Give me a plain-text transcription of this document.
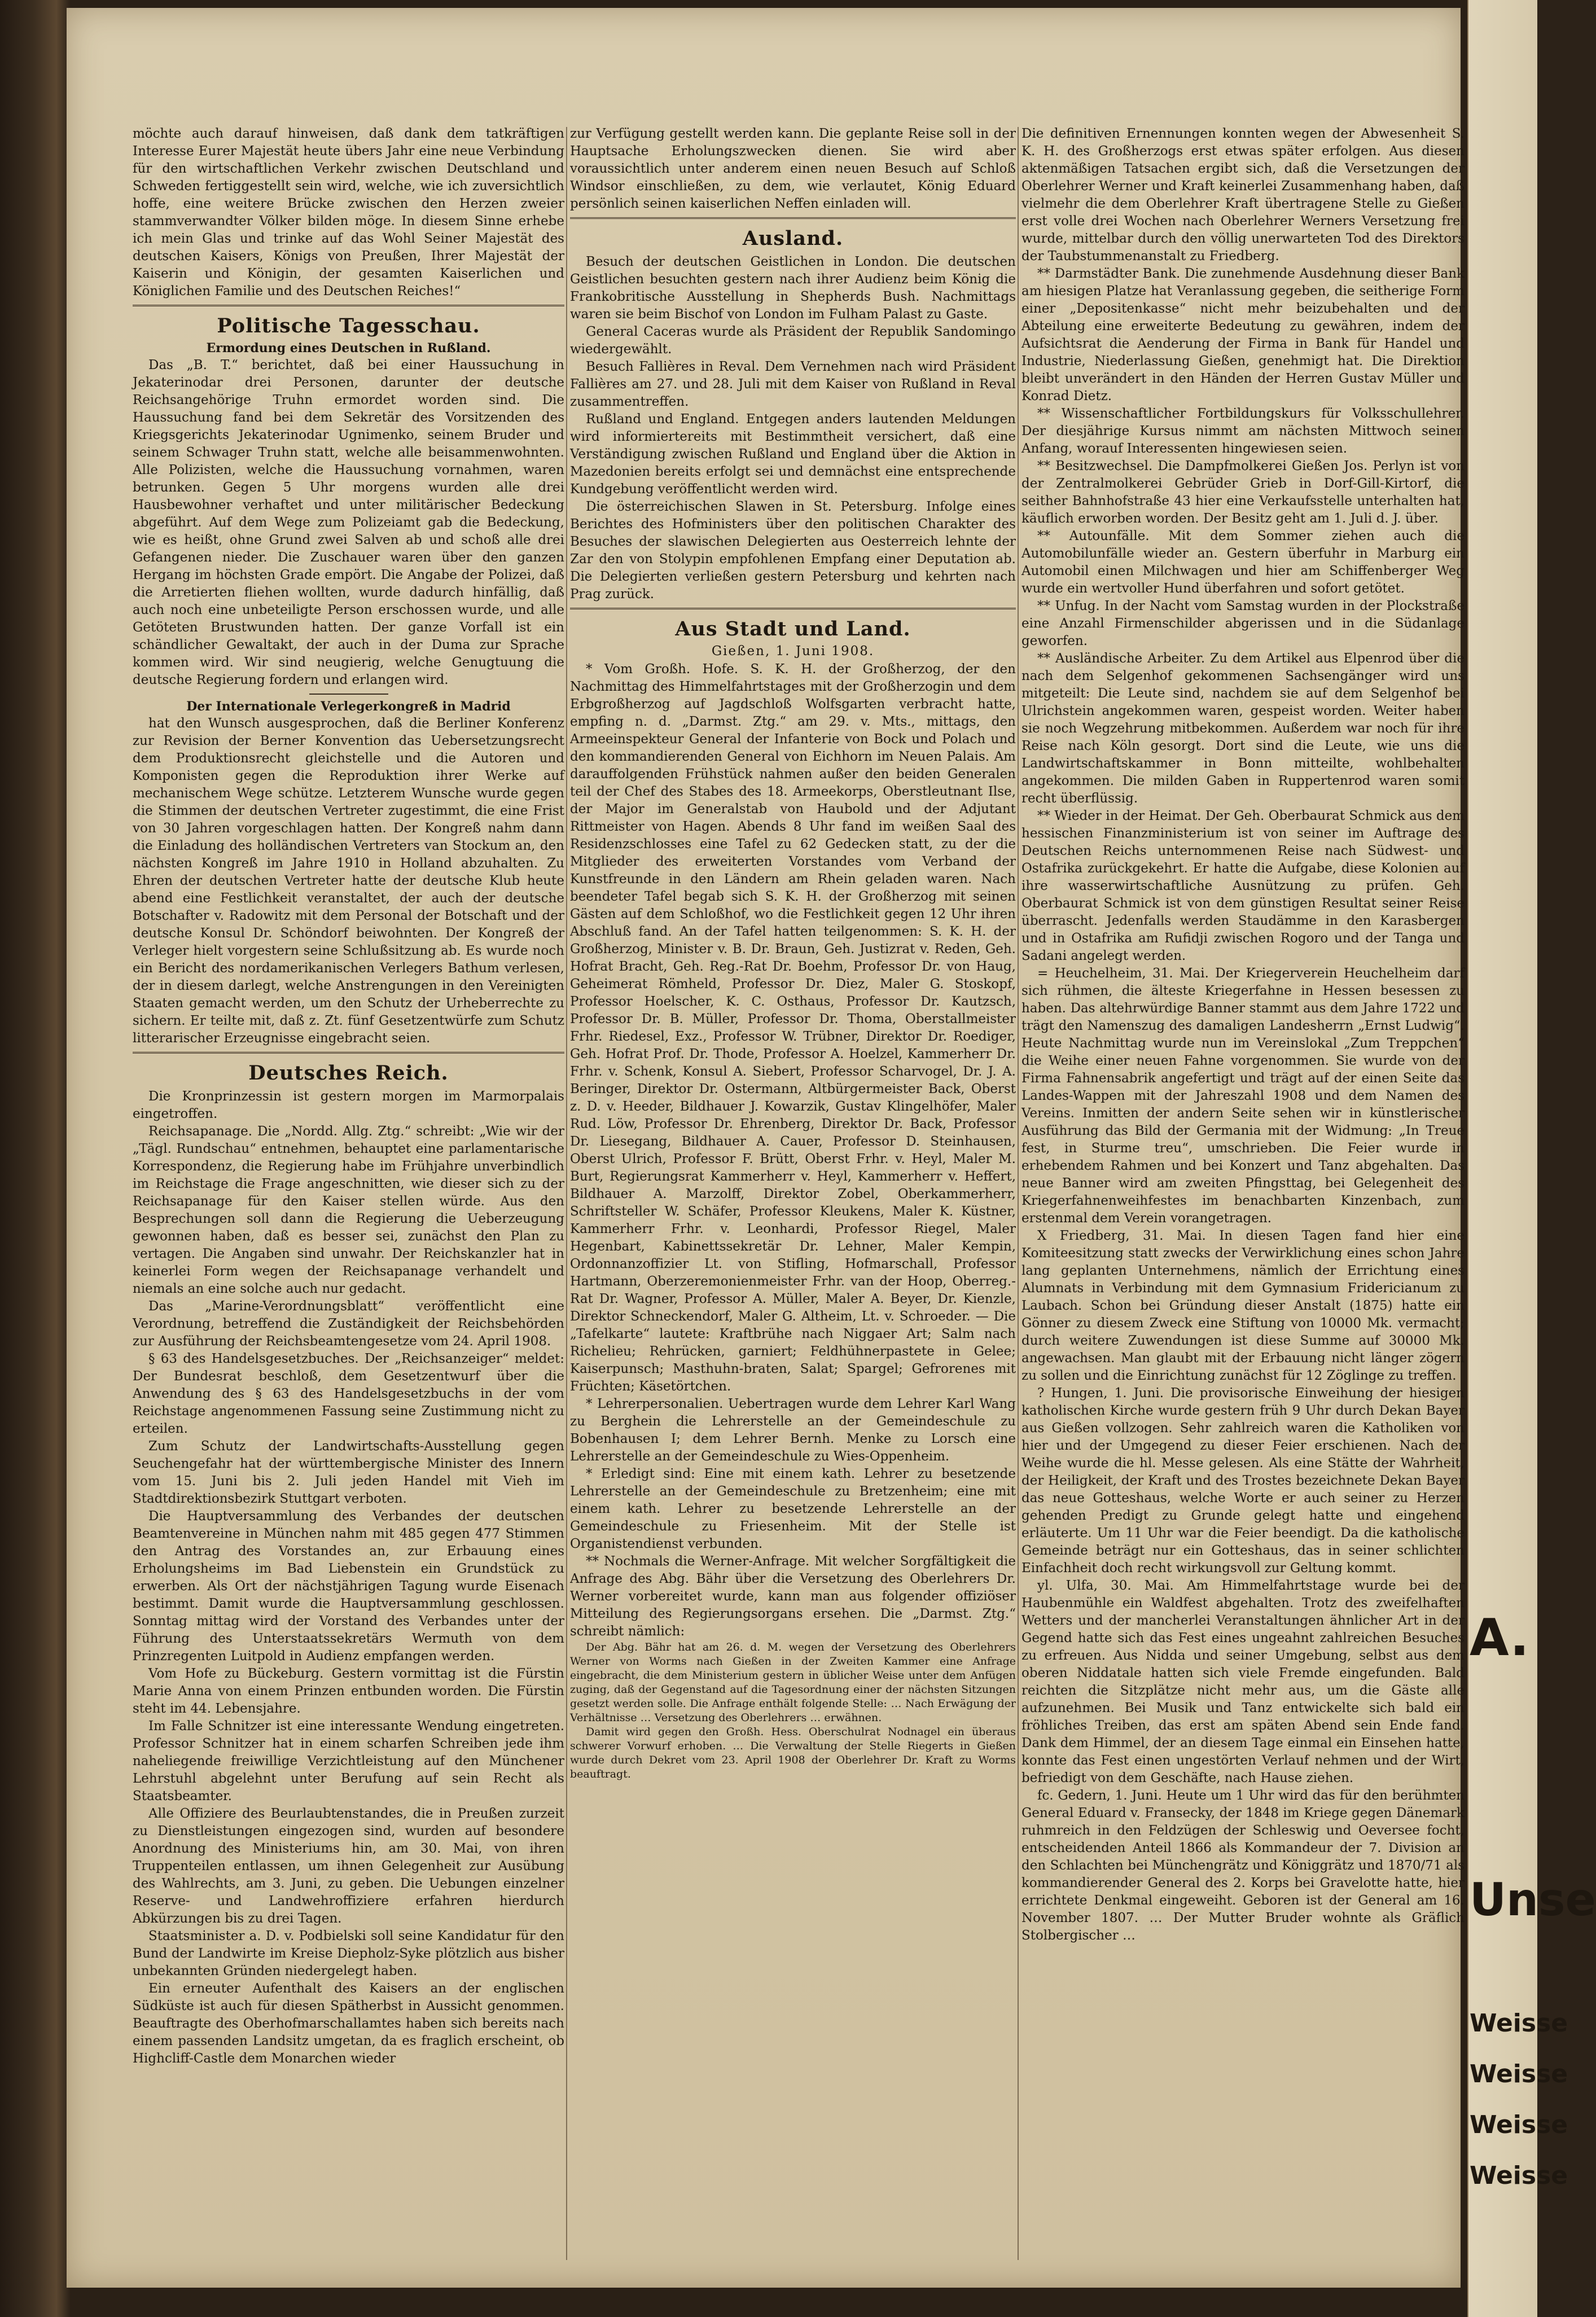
möchte auch darauf hinweisen, daß dank dem tatkräftigen Interesse Eurer Majestät heute übers Jahr eine neue Verbindung für den wirtschaftlichen Verkehr zwischen Deutschland und Schweden fertiggestellt sein wird, welche, wie ich zuversichtlich hoffe, eine weitere Brücke zwischen den Herzen zweier stammverwandter Völker bilden möge. In diesem Sinne erhebe ich mein Glas und trinke auf das Wohl Seiner Majestät des deutschen Kaisers, Königs von Preußen, Ihrer Majestät der Kaiserin und Königin, der gesamten Kaiserlichen und Königlichen Familie und des Deutschen Reiches!“
Politische Tagesschau.
Ermordung eines Deutschen in Rußland.

Das „B. T.“ berichtet, daß bei einer Haussuchung in Jekaterinodar drei Personen, darunter der deutsche Reichsangehörige Truhn ermordet worden sind. Die Haussuchung fand bei dem Sekretär des Vorsitzenden des Kriegsgerichts Jekaterinodar Ugnimenko, seinem Bruder und seinem Schwager Truhn statt, welche alle beisammenwohnten. Alle Polizisten, welche die Haussuchung vornahmen, waren betrunken. Gegen 5 Uhr morgens wurden alle drei Hausbewohner verhaftet und unter militärischer Bedeckung abgeführt. Auf dem Wege zum Polizeiamt gab die Bedeckung, wie es heißt, ohne Grund zwei Salven ab und schoß alle drei Gefangenen nieder. Die Zuschauer waren über den ganzen Hergang im höchsten Grade empört. Die Angabe der Polizei, daß die Arretierten fliehen wollten, wurde dadurch hinfällig, daß auch noch eine unbeteiligte Person erschossen wurde, und alle Getöteten Brustwunden hatten. Der ganze Vorfall ist ein schändlicher Gewaltakt, der auch in der Duma zur Sprache kommen wird. Wir sind neugierig, welche Genugtuung die deutsche Regierung fordern und erlangen wird.

Der Internationale Verlegerkongreß in Madrid

hat den Wunsch ausgesprochen, daß die Berliner Konferenz zur Revision der Berner Konvention das Uebersetzungsrecht dem Produktionsrecht gleichstelle und die Autoren und Komponisten gegen die Reproduktion ihrer Werke auf mechanischem Wege schütze. Letzterem Wunsche wurde gegen die Stimmen der deutschen Vertreter zugestimmt, die eine Frist von 30 Jahren vorgeschlagen hatten. Der Kongreß nahm dann die Einladung des holländischen Vertreters van Stockum an, den nächsten Kongreß im Jahre 1910 in Holland abzuhalten. Zu Ehren der deutschen Vertreter hatte der deutsche Klub heute abend eine Festlichkeit veranstaltet, der auch der deutsche Botschafter v. Radowitz mit dem Personal der Botschaft und der deutsche Konsul Dr. Schöndorf beiwohnten. Der Kongreß der Verleger hielt vorgestern seine Schlußsitzung ab. Es wurde noch ein Bericht des nordamerikanischen Verlegers Bathum verlesen, der in diesem darlegt, welche Anstrengungen in den Vereinigten Staaten gemacht werden, um den Schutz der Urheberrechte zu sichern. Er teilte mit, daß z. Zt. fünf Gesetzentwürfe zum Schutz litterarischer Erzeugnisse eingebracht seien.

Deutsches Reich.

Die Kronprinzessin ist gestern morgen im Marmorpalais eingetroffen.

Reichsapanage. Die „Nordd. Allg. Ztg.“ schreibt: „Wie wir der „Tägl. Rundschau“ entnehmen, behauptet eine parlamentarische Korrespondenz, die Regierung habe im Frühjahre unverbindlich im Reichstage die Frage angeschnitten, wie dieser sich zu der Reichsapanage für den Kaiser stellen würde. Aus den Besprechungen soll dann die Regierung die Ueberzeugung gewonnen haben, daß es besser sei, zunächst den Plan zu vertagen. Die Angaben sind unwahr. Der Reichskanzler hat in keinerlei Form wegen der Reichsapanage verhandelt und niemals an eine solche auch nur gedacht.

Das „Marine-Verordnungsblatt“ veröffentlicht eine Verordnung, betreffend die Zuständigkeit der Reichsbehörden zur Ausführung der Reichsbeamtengesetze vom 24. April 1908.

§ 63 des Handelsgesetzbuches. Der „Reichsanzeiger“ meldet: Der Bundesrat beschloß, dem Gesetzentwurf über die Anwendung des § 63 des Handelsgesetzbuchs in der vom Reichstage angenommenen Fassung seine Zustimmung nicht zu erteilen.

Zum Schutz der Landwirtschafts-Ausstellung gegen Seuchengefahr hat der württembergische Minister des Innern vom 15. Juni bis 2. Juli jeden Handel mit Vieh im Stadtdirektionsbezirk Stuttgart verboten.

Die Hauptversammlung des Verbandes der deutschen Beamtenvereine in München nahm mit 485 gegen 477 Stimmen den Antrag des Vorstandes an, zur Erbauung eines Erholungsheims im Bad Liebenstein ein Grundstück zu erwerben. Als Ort der nächstjährigen Tagung wurde Eisenach bestimmt. Damit wurde die Hauptversammlung geschlossen. Sonntag mittag wird der Vorstand des Verbandes unter der Führung des Unterstaatssekretärs Wermuth von dem Prinzregenten Luitpold in Audienz empfangen werden.

Vom Hofe zu Bückeburg. Gestern vormittag ist die Fürstin Marie Anna von einem Prinzen entbunden worden. Die Fürstin steht im 44. Lebensjahre.

Im Falle Schnitzer ist eine interessante Wendung eingetreten. Professor Schnitzer hat in einem scharfen Schreiben jede ihm naheliegende freiwillige Verzichtleistung auf den Münchener Lehrstuhl abgelehnt unter Berufung auf sein Recht als Staatsbeamter.

Alle Offiziere des Beurlaubtenstandes, die in Preußen zurzeit zu Dienstleistungen eingezogen sind, wurden auf besondere Anordnung des Ministeriums hin, am 30. Mai, von ihren Truppenteilen entlassen, um ihnen Gelegenheit zur Ausübung des Wahlrechts, am 3. Juni, zu geben. Die Uebungen einzelner Reserve- und Landwehroffiziere erfahren hierdurch Abkürzungen bis zu drei Tagen.

Staatsminister a. D. v. Podbielski soll seine Kandidatur für den Bund der Landwirte im Kreise Diepholz-Syke plötzlich aus bisher unbekannten Gründen niedergelegt haben.

Ein erneuter Aufenthalt des Kaisers an der englischen Südküste ist auch für diesen Spätherbst in Aussicht genommen. Beauftragte des Oberhofmarschallamtes haben sich bereits nach einem passenden Landsitz umgetan, da es fraglich erscheint, ob Highcliff-Castle dem Monarchen wieder

zur Verfügung gestellt werden kann. Die geplante Reise soll in der Hauptsache Erholungszwecken dienen. Sie wird aber voraussichtlich unter anderem einen neuen Besuch auf Schloß Windsor einschließen, zu dem, wie verlautet, König Eduard persönlich seinen kaiserlichen Neffen einladen will.
Ausland.

Besuch der deutschen Geistlichen in London. Die deutschen Geistlichen besuchten gestern nach ihrer Audienz beim König die Frankobritische Ausstellung in Shepherds Bush. Nachmittags waren sie beim Bischof von London im Fulham Palast zu Gaste.

General Caceras wurde als Präsident der Republik Sandomingo wiedergewählt.

Besuch Fallières in Reval. Dem Vernehmen nach wird Präsident Fallières am 27. und 28. Juli mit dem Kaiser von Rußland in Reval zusammentreffen.

Rußland und England. Entgegen anders lautenden Meldungen wird informiertereits mit Bestimmtheit versichert, daß eine Verständigung zwischen Rußland und England über die Aktion in Mazedonien bereits erfolgt sei und demnächst eine entsprechende Kundgebung veröffentlicht werden wird.

Die österreichischen Slawen in St. Petersburg. Infolge eines Berichtes des Hofministers über den politischen Charakter des Besuches der slawischen Delegierten aus Oesterreich lehnte der Zar den von Stolypin empfohlenen Empfang einer Deputation ab. Die Delegierten verließen gestern Petersburg und kehrten nach Prag zurück.

Aus Stadt und Land.
Gießen, 1. Juni 1908.

* Vom Großh. Hofe. S. K. H. der Großherzog, der den Nachmittag des Himmelfahrtstages mit der Großherzogin und dem Erbgroßherzog auf Jagdschloß Wolfsgarten verbracht hatte, empfing n. d. „Darmst. Ztg.“ am 29. v. Mts., mittags, den Armeeinspekteur General der Infanterie von Bock und Polach und den kommandierenden General von Eichhorn im Neuen Palais. Am darauffolgenden Frühstück nahmen außer den beiden Generalen teil der Chef des Stabes des 18. Armeekorps, Oberstleutnant Ilse, der Major im Generalstab von Haubold und der Adjutant Rittmeister von Hagen. Abends 8 Uhr fand im weißen Saal des Residenzschlosses eine Tafel zu 62 Gedecken statt, zu der die Mitglieder des erweiterten Vorstandes vom Verband der Kunstfreunde in den Ländern am Rhein geladen waren. Nach beendeter Tafel begab sich S. K. H. der Großherzog mit seinen Gästen auf dem Schloßhof, wo die Festlichkeit gegen 12 Uhr ihren Abschluß fand. An der Tafel hatten teilgenommen: S. K. H. der Großherzog, Minister v. B. Dr. Braun, Geh. Justizrat v. Reden, Geh. Hofrat Bracht, Geh. Reg.-Rat Dr. Boehm, Professor Dr. von Haug, Geheimerat Römheld, Professor Dr. Diez, Maler G. Stoskopf, Professor Hoelscher, K. C. Osthaus, Professor Dr. Kautzsch, Professor Dr. B. Müller, Professor Dr. Thoma, Oberstallmeister Frhr. Riedesel, Exz., Professor W. Trübner, Direktor Dr. Roediger, Geh. Hofrat Prof. Dr. Thode, Professor A. Hoelzel, Kammerherr Dr. Frhr. v. Schenk, Konsul A. Siebert, Professor Scharvogel, Dr. J. A. Beringer, Direktor Dr. Ostermann, Altbürgermeister Back, Oberst z. D. v. Heeder, Bildhauer J. Kowarzik, Gustav Klingelhöfer, Maler Rud. Löw, Professor Dr. Ehrenberg, Direktor Dr. Back, Professor Dr. Liesegang, Bildhauer A. Cauer, Professor D. Steinhausen, Oberst Ulrich, Professor F. Brütt, Oberst Frhr. v. Heyl, Maler M. Burt, Regierungsrat Kammerherr v. Heyl, Kammerherr v. Heffert, Bildhauer A. Marzolff, Direktor Zobel, Oberkammerherr, Schriftsteller W. Schäfer, Professor Kleukens, Maler K. Küstner, Kammerherr Frhr. v. Leonhardi, Professor Riegel, Maler Hegenbart, Kabinettssekretär Dr. Lehner, Maler Kempin, Ordonnanzoffizier Lt. von Stifling, Hofmarschall, Professor Hartmann, Oberzeremonienmeister Frhr. van der Hoop, Oberreg.-Rat Dr. Wagner, Professor A. Müller, Maler A. Beyer, Dr. Kienzle, Direktor Schneckendorf, Maler G. Altheim, Lt. v. Schroeder. — Die „Tafelkarte“ lautete: Kraftbrühe nach Niggaer Art; Salm nach Richelieu; Rehrücken, garniert; Feldhühnerpastete in Gelee; Kaiserpunsch; Masthuhn-braten, Salat; Spargel; Gefrorenes mit Früchten; Käsetörtchen.

* Lehrerpersonalien. Uebertragen wurde dem Lehrer Karl Wang zu Berghein die Lehrerstelle an der Gemeindeschule zu Bobenhausen I; dem Lehrer Bernh. Menke zu Lorsch eine Lehrerstelle an der Gemeindeschule zu Wies-Oppenheim.

* Erledigt sind: Eine mit einem kath. Lehrer zu besetzende Lehrerstelle an der Gemeindeschule zu Bretzenheim; eine mit einem kath. Lehrer zu besetzende Lehrerstelle an der Gemeindeschule zu Friesenheim. Mit der Stelle ist Organistendienst verbunden.

** Nochmals die Werner-Anfrage. Mit welcher Sorgfältigkeit die Anfrage des Abg. Bähr über die Versetzung des Oberlehrers Dr. Werner vorbereitet wurde, kann man aus folgender offiziöser Mitteilung des Regierungsorgans ersehen. Die „Darmst. Ztg.“ schreibt nämlich:

Der Abg. Bähr hat am 26. d. M. wegen der Versetzung des Oberlehrers Werner von Worms nach Gießen in der Zweiten Kammer eine Anfrage eingebracht, die dem Ministerium gestern in üblicher Weise unter dem Anfügen zuging, daß der Gegenstand auf die Tagesordnung einer der nächsten Sitzungen gesetzt werden solle. Die Anfrage enthält folgende Stelle: … Nach Erwägung der Verhältnisse … Versetzung des Oberlehrers … erwähnen.

Damit wird gegen den Großh. Hess. Oberschulrat Nodnagel ein überaus schwerer Vorwurf erhoben. … Die Verwaltung der Stelle Riegerts in Gießen wurde durch Dekret vom 23. April 1908 der Oberlehrer Dr. Kraft zu Worms beauftragt.

Die definitiven Ernennungen konnten wegen der Abwesenheit S. K. H. des Großherzogs erst etwas später erfolgen. Aus diesen aktenmäßigen Tatsachen ergibt sich, daß die Versetzungen der Oberlehrer Werner und Kraft keinerlei Zusammenhang haben, daß vielmehr die dem Oberlehrer Kraft übertragene Stelle zu Gießen erst volle drei Wochen nach Oberlehrer Werners Versetzung frei wurde, mittelbar durch den völlig unerwarteten Tod des Direktors der Taubstummenanstalt zu Friedberg.

** Darmstädter Bank. Die zunehmende Ausdehnung dieser Bank am hiesigen Platze hat Veranlassung gegeben, die seitherige Form einer „Depositenkasse“ nicht mehr beizubehalten und der Abteilung eine erweiterte Bedeutung zu gewähren, indem der Aufsichtsrat die Aenderung der Firma in Bank für Handel und Industrie, Niederlassung Gießen, genehmigt hat. Die Direktion bleibt unverändert in den Händen der Herren Gustav Müller und Konrad Dietz.

** Wissenschaftlicher Fortbildungskurs für Volksschullehrer. Der diesjährige Kursus nimmt am nächsten Mittwoch seinen Anfang, worauf Interessenten hingewiesen seien.

** Besitzwechsel. Die Dampfmolkerei Gießen Jos. Perlyn ist von der Zentralmolkerei Gebrüder Grieb in Dorf-Gill-Kirtorf, die seither Bahnhofstraße 43 hier eine Verkaufsstelle unterhalten hat, käuflich erworben worden. Der Besitz geht am 1. Juli d. J. über.

** Autounfälle. Mit dem Sommer ziehen auch die Automobilunfälle wieder an. Gestern überfuhr in Marburg ein Automobil einen Milchwagen und hier am Schiffenberger Weg wurde ein wertvoller Hund überfahren und sofort getötet.

** Unfug. In der Nacht vom Samstag wurden in der Plockstraße eine Anzahl Firmenschilder abgerissen und in die Südanlage geworfen.

** Ausländische Arbeiter. Zu dem Artikel aus Elpenrod über die nach dem Selgenhof gekommenen Sachsengänger wird uns mitgeteilt: Die Leute sind, nachdem sie auf dem Selgenhof bei Ulrichstein angekommen waren, gespeist worden. Weiter haben sie noch Wegzehrung mitbekommen. Außerdem war noch für ihre Reise nach Köln gesorgt. Dort sind die Leute, wie uns die Landwirtschaftskammer in Bonn mitteilte, wohlbehalten angekommen. Die milden Gaben in Ruppertenrod waren somit recht überflüssig.

** Wieder in der Heimat. Der Geh. Oberbaurat Schmick aus dem hessischen Finanzministerium ist von seiner im Auftrage des Deutschen Reichs unternommenen Reise nach Südwest- und Ostafrika zurückgekehrt. Er hatte die Aufgabe, diese Kolonien auf ihre wasserwirtschaftliche Ausnützung zu prüfen. Geh. Oberbaurat Schmick ist von dem günstigen Resultat seiner Reise überrascht. Jedenfalls werden Staudämme in den Karasbergen und in Ostafrika am Rufidji zwischen Rogoro und der Tanga und Sadani angelegt werden.

= Heuchelheim, 31. Mai. Der Kriegerverein Heuchelheim darf sich rühmen, die älteste Kriegerfahne in Hessen besessen zu haben. Das altehrwürdige Banner stammt aus dem Jahre 1722 und trägt den Namenszug des damaligen Landesherrn „Ernst Ludwig“. Heute Nachmittag wurde nun im Vereinslokal „Zum Treppchen“ die Weihe einer neuen Fahne vorgenommen. Sie wurde von der Firma Fahnensabrik angefertigt und trägt auf der einen Seite das Landes-Wappen mit der Jahreszahl 1908 und dem Namen des Vereins. Inmitten der andern Seite sehen wir in künstlerischer Ausführung das Bild der Germania mit der Widmung: „In Treue fest, in Sturme treu“, umschrieben. Die Feier wurde in erhebendem Rahmen und bei Konzert und Tanz abgehalten. Das neue Banner wird am zweiten Pfingsttag, bei Gelegenheit des Kriegerfahnenweihfestes im benachbarten Kinzenbach, zum erstenmal dem Verein vorangetragen.

X Friedberg, 31. Mai. In diesen Tagen fand hier eine Komiteesitzung statt zwecks der Verwirklichung eines schon Jahre lang geplanten Unternehmens, nämlich der Errichtung eines Alumnats in Verbindung mit dem Gymnasium Fridericianum zu Laubach. Schon bei Gründung dieser Anstalt (1875) hatte ein Gönner zu diesem Zweck eine Stiftung von 10000 Mk. vermacht; durch weitere Zuwendungen ist diese Summe auf 30000 Mk. angewachsen. Man glaubt mit der Erbauung nicht länger zögern zu sollen und die Einrichtung zunächst für 12 Zöglinge zu treffen.

? Hungen, 1. Juni. Die provisorische Einweihung der hiesigen katholischen Kirche wurde gestern früh 9 Uhr durch Dekan Bayer aus Gießen vollzogen. Sehr zahlreich waren die Katholiken von hier und der Umgegend zu dieser Feier erschienen. Nach der Weihe wurde die hl. Messe gelesen. Als eine Stätte der Wahrheit, der Heiligkeit, der Kraft und des Trostes bezeichnete Dekan Bayer das neue Gotteshaus, welche Worte er auch seiner zu Herzen gehenden Predigt zu Grunde gelegt hatte und eingehend erläuterte. Um 11 Uhr war die Feier beendigt. Da die katholische Gemeinde beträgt nur ein Gotteshaus, das in seiner schlichten Einfachheit doch recht wirkungsvoll zur Geltung kommt.

yl. Ulfa, 30. Mai. Am Himmelfahrtstage wurde bei der Haubenmühle ein Waldfest abgehalten. Trotz des zweifelhaften Wetters und der mancherlei Veranstaltungen ähnlicher Art in der Gegend hatte sich das Fest eines ungeahnt zahlreichen Besuches zu erfreuen. Aus Nidda und seiner Umgebung, selbst aus dem oberen Niddatale hatten sich viele Fremde eingefunden. Bald reichten die Sitzplätze nicht mehr aus, um die Gäste alle aufzunehmen. Bei Musik und Tanz entwickelte sich bald ein fröhliches Treiben, das erst am späten Abend sein Ende fand. Dank dem Himmel, der an diesem Tage einmal ein Einsehen hatte, konnte das Fest einen ungestörten Verlauf nehmen und der Wirt, befriedigt von dem Geschäfte, nach Hause ziehen.

fc. Gedern, 1. Juni. Heute um 1 Uhr wird das für den berühmten General Eduard v. Fransecky, der 1848 im Kriege gegen Dänemark ruhmreich in den Feldzügen der Schleswig und Oeversee focht, entscheidenden Anteil 1866 als Kommandeur der 7. Division an den Schlachten bei Münchengrätz und Königgrätz und 1870/71 als kommandierender General des 2. Korps bei Gravelotte hatte, hier errichtete Denkmal eingeweiht. Geboren ist der General am 16. November 1807. … Der Mutter Bruder wohnte als Gräflich Stolbergischer …

A.
Unse
Weisse
Weisse
Weisse
Weisse
